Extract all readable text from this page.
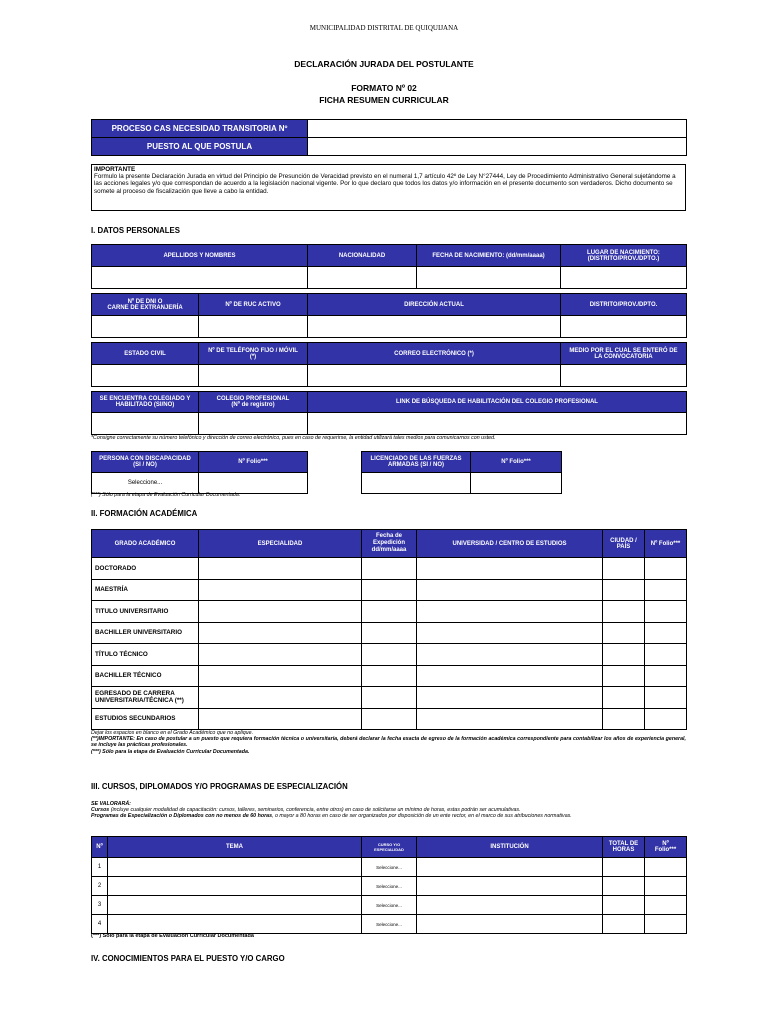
MUNICIPALIDAD DISTRITAL DE QUIQUIJANA
DECLARACIÓN JURADA DEL POSTULANTE
FORMATO Nº 02
FICHA RESUMEN CURRICULAR
PROCESO CAS NECESIDAD TRANSITORIA Nº	
PUESTO AL QUE POSTULA	
IMPORTANTE
Formulo la presente Declaración Jurada en virtud del Principio de Presunción de Veracidad previsto en el numeral 1,7 artículo 42º de Ley N°27444, Ley de Procedimiento Administrativo General sujetándome a las acciones legales y/o que correspondan de acuerdo a la legislación nacional vigente. Por lo que declaro que todos los datos y/o información en el presente documento son verdaderos. Dicho documento se somete al proceso de fiscalización que lleve a cabo la entidad.
I. DATOS PERSONALES
APELLIDOS Y NOMBRES		NACIONALIDAD	FECHA DE NACIMIENTO: (dd/mm/aaaa)	LUGAR DE NACIMIENTO:
(DISTRITO/PROV./DPTO.)

Nº DE DNI O
CARNE DE EXTRANJERÍA	Nº DE RUC ACTIVO	DIRECCIÓN ACTUAL		DISTRITO/PROV./DPTO.

ESTADO CIVIL	Nº DE TELÉFONO FIJO / MÓVIL
(*)	CORREO ELECTRÓNICO (*)		MEDIO POR EL CUAL SE ENTERÓ DE
LA CONVOCATORIA

SE ENCUENTRA COLEGIADO Y
HABILITADO (SI/NO)	COLEGIO PROFESIONAL
(Nº de registro)	LINK DE BÚSQUEDA DE HABILITACIÓN DEL COLEGIO PROFESIONAL		

*Consigne correctamente su número telefónico y dirección de correo electrónico, pues en caso de requerirse, la entidad utilizará tales medios para comunicarnos con usted.
PERSONA CON DISCAPACIDAD
(SI / NO)	Nº Folio***
Seleccione...	
LICENCIADO DE LAS FUERZAS
ARMADAS (SI / NO)	Nº Folio***

(***) Sólo para la etapa de Evaluación Curricular Documentada.
II. FORMACIÓN ACADÉMICA
GRADO ACADÉMICO	ESPECIALIDAD	Fecha de
Expedición
dd/mm/aaaa	UNIVERSIDAD / CENTRO DE ESTUDIOS	CIUDAD /
PAÍS	Nº Folio***
DOCTORADO					
MAESTRÍA					
TITULO UNIVERSITARIO					
BACHILLER UNIVERSITARIO					
TÍTULO TÉCNICO					
BACHILLER TÉCNICO					
EGRESADO DE CARRERA
UNIVERSITARIA/TÉCNICA (**)					
ESTUDIOS SECUNDARIOS					
Dejar los espacios en blanco en el Grado Académico que no aplique.
(**)IMPORTANTE: En caso de postular a un puesto que requiera formación técnica o universitaria, deberá declarar la fecha exacta de egreso de la formación académica correspondiente para contabilizar los años de experiencia general, se incluye las prácticas profesionales.
(***) Sólo para la etapa de Evaluación Curricular Documentada.
III. CURSOS, DIPLOMADOS Y/O PROGRAMAS DE ESPECIALIZACIÓN
SE VALORARÁ:
Cursos (incluye cualquier modalidad de capacitación: cursos, talleres, seminarios, conferencia, entre otros) en caso de solicitarse un mínimo de horas, estas podrán ser acumulativas.
Programas de Especialización o Diplomados con no menos de 60 horas, o mayor a 80 horas en caso de ser organizados por disposición de un ente rector, en el marco de sus atribuciones normativas.
Nº	TEMA	CURSO Y/O
ESPECIALIDAD	INSTITUCIÓN	TOTAL DE
HORAS	Nº
Folio***
1		Seleccione...			
2		Seleccione...			
3		Seleccione...			
4		Seleccione...			
(***) Sólo para la etapa de Evaluación Curricular Documentada
IV. CONOCIMIENTOS PARA EL PUESTO Y/O CARGO
